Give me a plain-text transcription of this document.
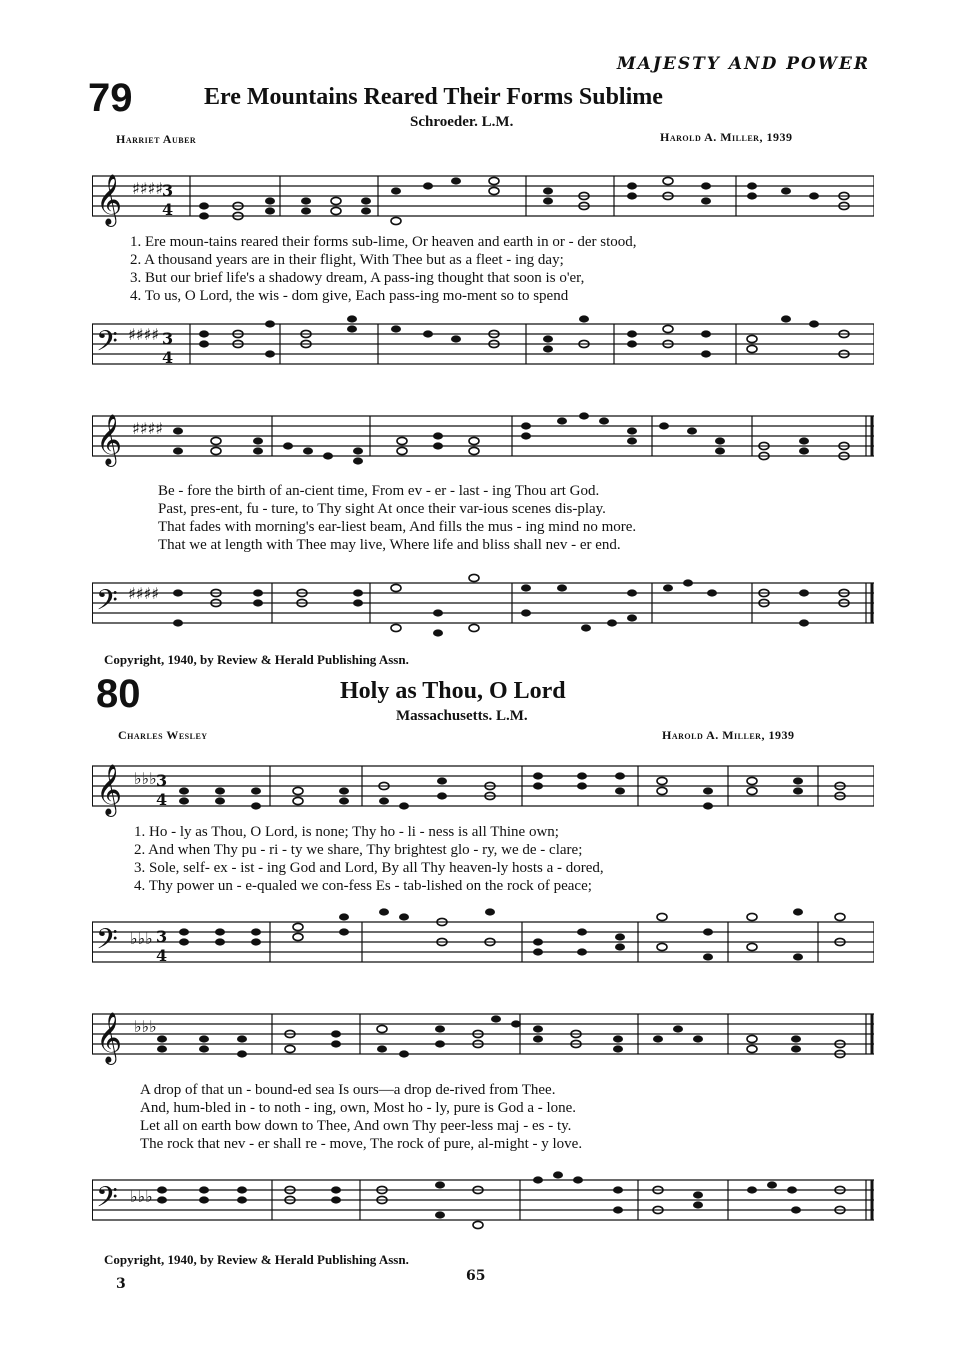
MAJESTY AND POWER
79	Ere Mountains Reared Their Forms Sublime
Schroeder. L.M.
Harriet Auber	Harold A. Miller, 1939
𝄞 ♯♯♯♯ 3
4
1. Ere moun-tains reared their forms sub-lime, Or heaven and earth in or - der stood,
2. A thousand years are in their flight, With Thee but as a fleet - ing day;
3. But our brief life's a shadowy dream, A pass-ing thought that soon is o'er,
4. To us, O Lord, the wis - dom give, Each pass-ing mo-ment so to spend
𝄢 ♯♯♯♯ 3
4
𝄞 ♯♯♯♯
Be - fore the birth of an-cient time, From ev - er - last - ing Thou art God.
Past, pres-ent, fu - ture, to Thy sight At once their var-ious scenes dis-play.
That fades with morning's ear-liest beam, And fills the mus - ing mind no more.
That we at length with Thee may live, Where life and bliss shall nev - er end.
𝄢 ♯♯♯♯
Copyright, 1940, by Review & Herald Publishing Assn.
80	Holy as Thou, O Lord
Massachusetts. L.M.
Charles Wesley	Harold A. Miller, 1939
𝄞 ♭♭♭ 3
4
1. Ho - ly as Thou, O Lord, is none; Thy ho - li - ness is all Thine own;
2. And when Thy pu - ri - ty we share, Thy brightest glo - ry, we de - clare;
3. Sole, self- ex - ist - ing God and Lord, By all Thy heaven-ly hosts a - dored,
4. Thy power un - e-qualed we con-fess Es - tab-lished on the rock of peace;
𝄢 ♭♭♭ 3
4
𝄞 ♭♭♭
A drop of that un - bound-ed sea Is ours—a drop de-rived from Thee.
And, hum-bled in - to noth - ing, own, Most ho - ly, pure is God a - lone.
Let all on earth bow down to Thee, And own Thy peer-less maj - es - ty.
The rock that nev - er shall re - move, The rock of pure, al-might - y love.
𝄢 ♭♭♭
Copyright, 1940, by Review & Herald Publishing Assn.
3	65
